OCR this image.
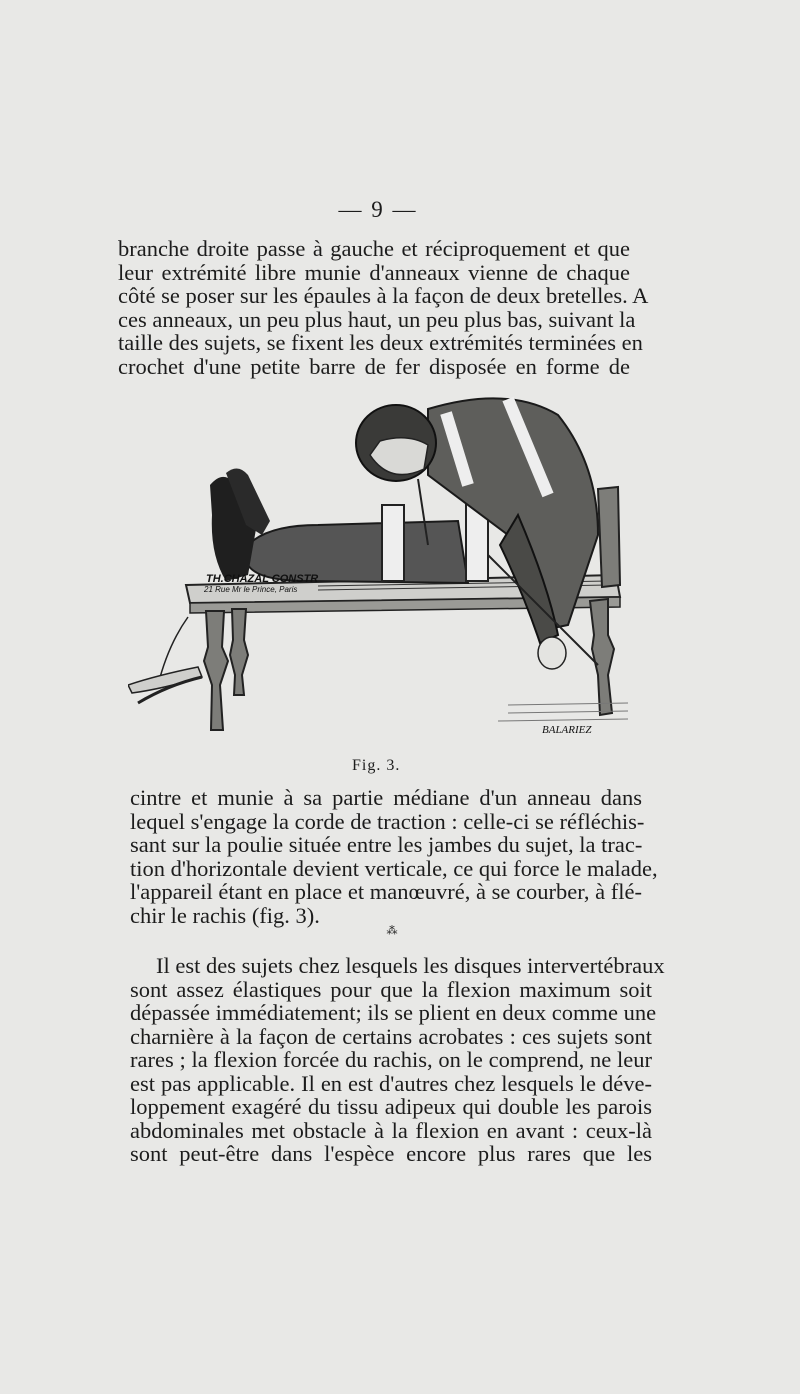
— 9 —
branche droite passe à gauche et réciproquement et que
leur extrémité libre munie d'anneaux vienne de chaque
côté se poser sur les épaules à la façon de deux bretelles. A
ces anneaux, un peu plus haut, un peu plus bas, suivant la
taille des sujets, se fixent les deux extrémités terminées en
crochet d'une petite barre de fer disposée en forme de
TH.CHAZAL CONSTR
21 Rue Mr le Prince, Paris
BALARIEZ
Fig. 3.
cintre et munie à sa partie médiane d'un anneau dans
lequel s'engage la corde de traction : celle-ci se réfléchis-
sant sur la poulie située entre les jambes du sujet, la trac-
tion d'horizontale devient verticale, ce qui force le malade,
l'appareil étant en place et manœuvré, à se courber, à flé-
chir le rachis (fig. 3).
⁂
Il est des sujets chez lesquels les disques intervertébraux
sont assez élastiques pour que la flexion maximum soit
dépassée immédiatement; ils se plient en deux comme une
charnière à la façon de certains acrobates : ces sujets sont
rares ; la flexion forcée du rachis, on le comprend, ne leur
est pas applicable. Il en est d'autres chez lesquels le déve-
loppement exagéré du tissu adipeux qui double les parois
abdominales met obstacle à la flexion en avant : ceux-là
sont peut-être dans l'espèce encore plus rares que les
